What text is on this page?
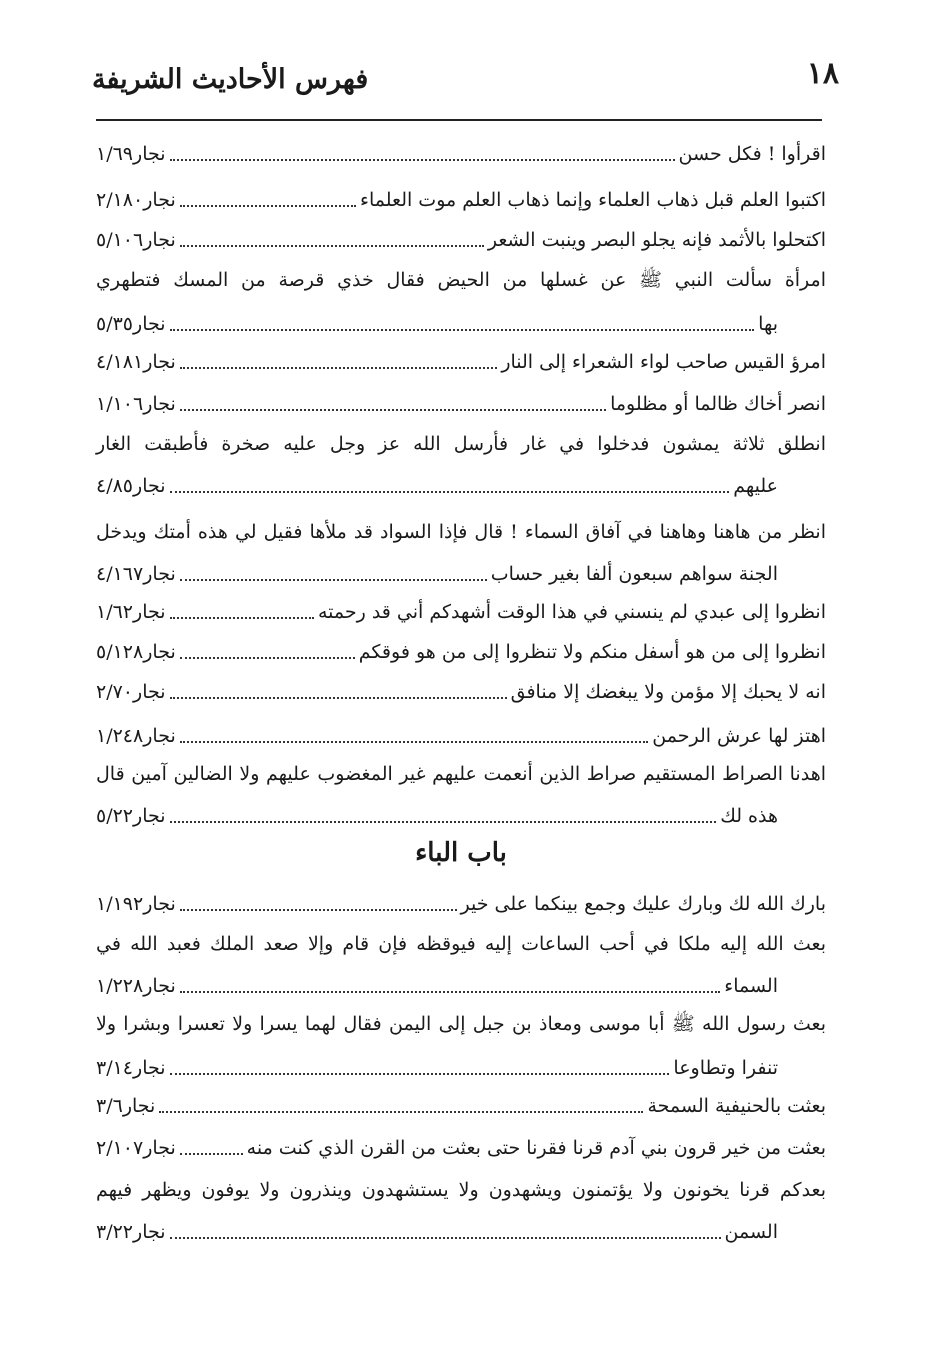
١٨
فهرس الأحاديث الشريفة
اقرأوا ! فكل حسن
نجار١/٦٩
اكتبوا العلم قبل ذهاب العلماء وإنما ذهاب العلم موت العلماء
نجار٢/١٨٠
اكتحلوا بالأثمد فإنه يجلو البصر وينبت الشعر
نجار٥/١٠٦
امرأة سألت النبي ﷺ عن غسلها من الحيض فقال خذي قرصة من المسك فتطهري
بها
نجار٥/٣٥
امرؤ القيس صاحب لواء الشعراء إلى النار
نجار٤/١٨١
انصر أخاك ظالما أو مظلوما
نجار١/١٠٦
انطلق ثلاثة يمشون فدخلوا في غار فأرسل الله عز وجل عليه صخرة فأطبقت الغار
عليهم
نجار٤/٨٥
انظر من هاهنا وهاهنا في آفاق السماء ! قال فإذا السواد قد ملأها فقيل لي هذه أمتك ويدخل
الجنة سواهم سبعون ألفا بغير حساب
نجار٤/١٦٧
انظروا إلى عبدي لم ينسني في هذا الوقت أشهدكم أني قد رحمته
نجار١/٦٢
انظروا إلى من هو أسفل منكم ولا تنظروا إلى من هو فوقكم
نجار٥/١٢٨
انه لا يحبك إلا مؤمن ولا يبغضك إلا منافق
نجار٢/٧٠
اهتز لها عرش الرحمن
نجار١/٢٤٨
اهدنا الصراط المستقيم صراط الذين أنعمت عليهم غير المغضوب عليهم ولا الضالين آمين قال
هذه لك
نجار٥/٢٢
باب الباء
بارك الله لك وبارك عليك وجمع بينكما على خير
نجار١/١٩٢
بعث الله إليه ملكا في أحب الساعات إليه فيوقظه فإن قام وإلا صعد الملك فعبد الله في
السماء
نجار١/٢٢٨
بعث رسول الله ﷺ أبا موسى ومعاذ بن جبل إلى اليمن فقال لهما يسرا ولا تعسرا وبشرا ولا
تنفرا وتطاوعا
نجار٣/١٤
بعثت بالحنيفية السمحة
نجار٣/٦
بعثت من خير قرون بني آدم قرنا فقرنا حتى بعثت من القرن الذي كنت منه
نجار٢/١٠٧
بعدكم قرنا يخونون ولا يؤتمنون ويشهدون ولا يستشهدون وينذرون ولا يوفون ويظهر فيهم
السمن
نجار٣/٢٢
